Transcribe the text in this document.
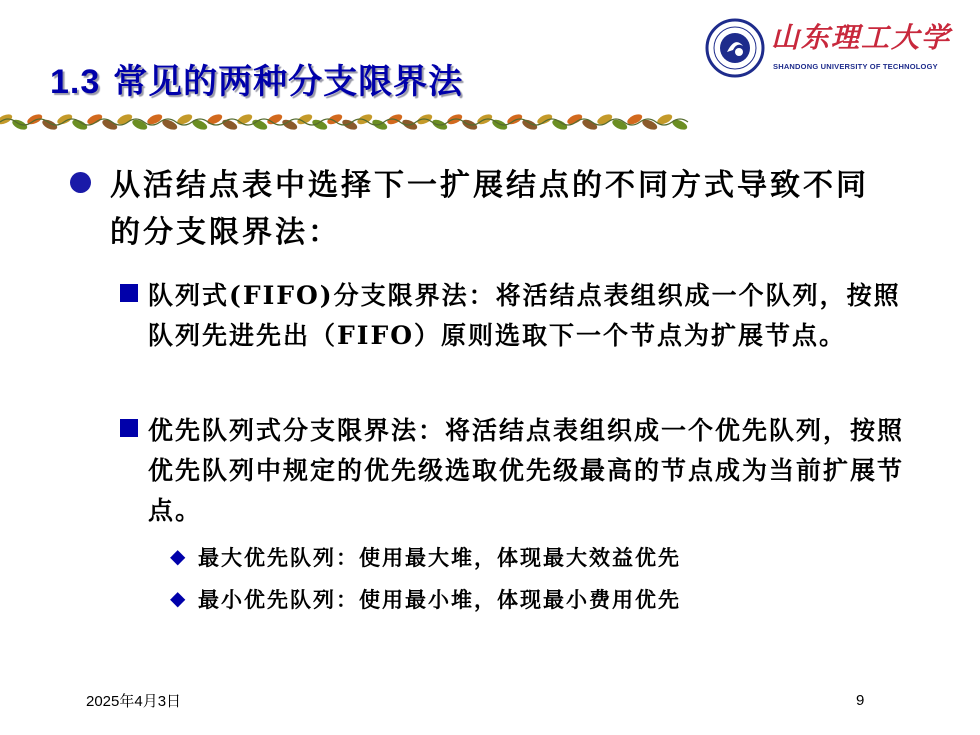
1.3 常见的两种分支限界法
山东理工大学
SHANDONG UNIVERSITY OF TECHNOLOGY
从活结点表中选择下一扩展结点的不同方式导致不同的分支限界法：
队列式(FIFO)分支限界法：将活结点表组织成一个队列，按照队列先进先出（FIFO）原则选取下一个节点为扩展节点。
优先队列式分支限界法：将活结点表组织成一个优先队列，按照优先队列中规定的优先级选取优先级最高的节点成为当前扩展节点。
◆ 最大优先队列：使用最大堆，体现最大效益优先
◆ 最小优先队列：使用最小堆，体现最小费用优先
2025年4月3日	9
